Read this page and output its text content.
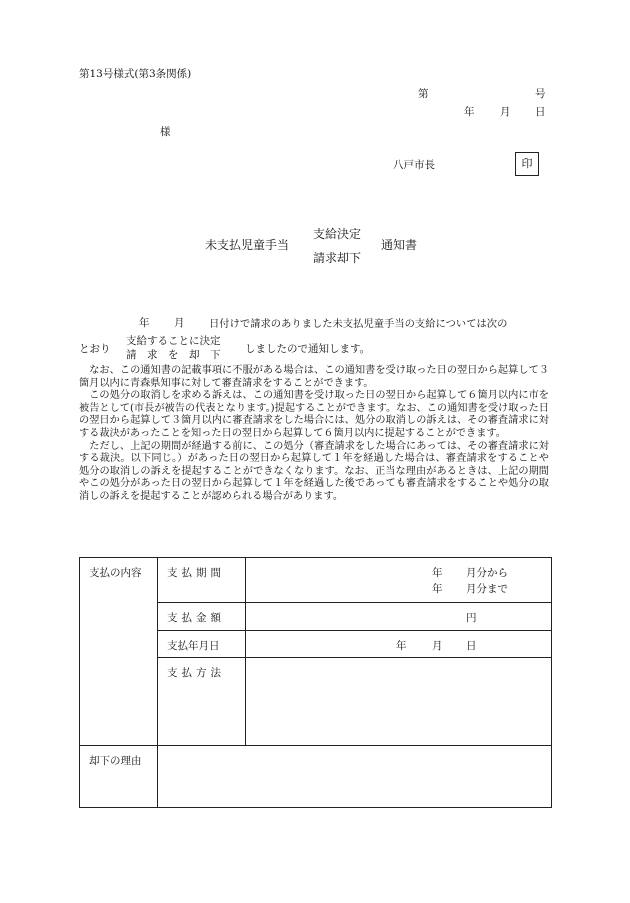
第13号様式(第3条関係)
第	号
年 月 日
様
八戸市長	印
未支払児童手当
支給決定
請求却下
通知書
年 月 日付けで請求のありました未支払児童手当の支給については次の
とおり
支給することに決定
請　求　を　却　下 しましたので通知します。

　なお、この通知書の記載事項に不服がある場合は、この通知書を受け取った日の翌日から起算して３箇月以内に青森県知事に対して審査請求をすることができます。

　この処分の取消しを求める訴えは、この通知書を受け取った日の翌日から起算して６箇月以内に市を被告として(市長が被告の代表となります。)提起することができます。なお、この通知書を受け取った日の翌日から起算して３箇月以内に審査請求をした場合には、処分の取消しの訴えは、その審査請求に対する裁決があったことを知った日の翌日から起算して６箇月以内に提起することができます。

　ただし、上記の期間が経過する前に、この処分（審査請求をした場合にあっては、その審査請求に対する裁決。以下同じ。）があった日の翌日から起算して１年を経過した場合は、審査請求をすることや処分の取消しの訴えを提起することができなくなります。なお、正当な理由があるときは、上記の期間やこの処分があった日の翌日から起算して１年を経過した後であっても審査請求をすることや処分の取消しの訴えを提起することが認められる場合があります。

支払の内容	支払期間	年 月分から
年 月分まで

	支払金額	円

	支払年月日	年 月 日

	支払方法	

却下の理由		
